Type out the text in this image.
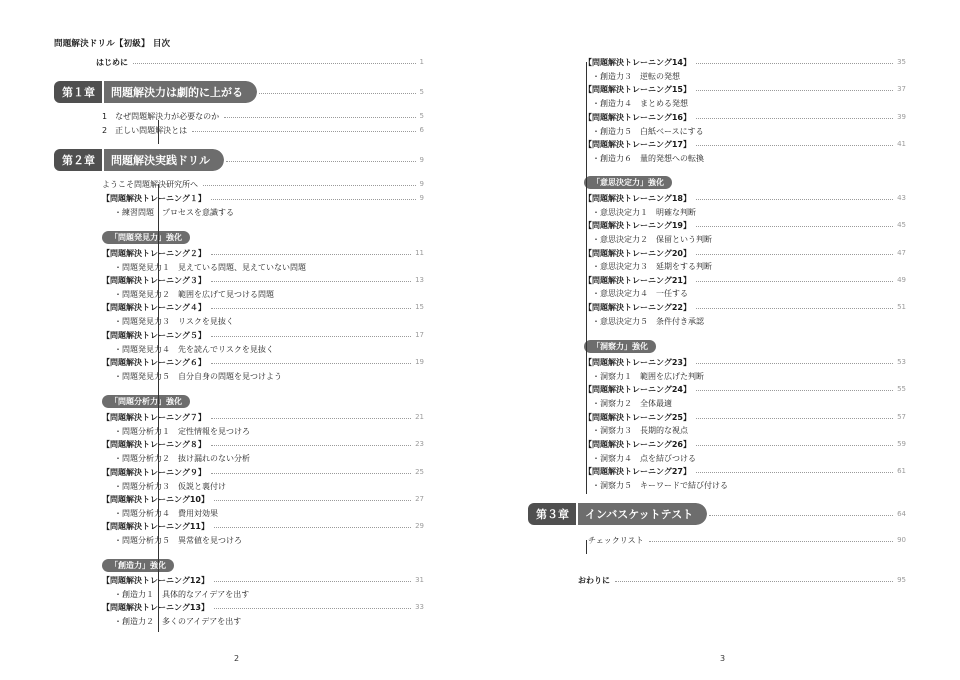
問題解決ドリル【初級】 目次
はじめに	1
第１章	問題解決力は劇的に上がる	5
1　なぜ問題解決力が必要なのか	5
2　正しい問題解決とは	6
第２章	問題解決実践ドリル	9
ようこそ問題解決研究所へ	9
【問題解決トレーニング１】	9
・練習問題　プロセスを意識する
「問題発見力」強化
【問題解決トレーニング２】	11
・問題発見力１　見えている問題、見えていない問題
【問題解決トレーニング３】	13
・問題発見力２　範囲を広げて見つける問題
【問題解決トレーニング４】	15
・問題発見力３　リスクを見抜く
【問題解決トレーニング５】	17
・問題発見力４　先を読んでリスクを見抜く
【問題解決トレーニング６】	19
・問題発見力５　自分自身の問題を見つけよう
「問題分析力」強化
【問題解決トレーニング７】	21
・問題分析力１　定性情報を見つけろ
【問題解決トレーニング８】	23
・問題分析力２　抜け漏れのない分析
【問題解決トレーニング９】	25
・問題分析力３　仮説と裏付け
【問題解決トレーニング10】	27
・問題分析力４　費用対効果
【問題解決トレーニング11】	29
・問題分析力５　異常値を見つけろ
「創造力」強化
【問題解決トレーニング12】	31
・創造力１　具体的なアイデアを出す
【問題解決トレーニング13】	33
・創造力２　多くのアイデアを出す
【問題解決トレーニング14】	35
・創造力３　逆転の発想
【問題解決トレーニング15】	37
・創造力４　まとめる発想
【問題解決トレーニング16】	39
・創造力５　白紙ベースにする
【問題解決トレーニング17】	41
・創造力６　量的発想への転換
「意思決定力」強化
【問題解決トレーニング18】	43
・意思決定力１　明確な判断
【問題解決トレーニング19】	45
・意思決定力２　保留という判断
【問題解決トレーニング20】	47
・意思決定力３　延期をする判断
【問題解決トレーニング21】	49
・意思決定力４　一任する
【問題解決トレーニング22】	51
・意思決定力５　条件付き承認
「洞察力」強化
【問題解決トレーニング23】	53
・洞察力１　範囲を広げた判断
【問題解決トレーニング24】	55
・洞察力２　全体最適
【問題解決トレーニング25】	57
・洞察力３　長期的な視点
【問題解決トレーニング26】	59
・洞察力４　点を結びつける
【問題解決トレーニング27】	61
・洞察力５　キーワードで結び付ける
第３章	インバスケットテスト	64
チェックリスト	90
おわりに	95
2	3
